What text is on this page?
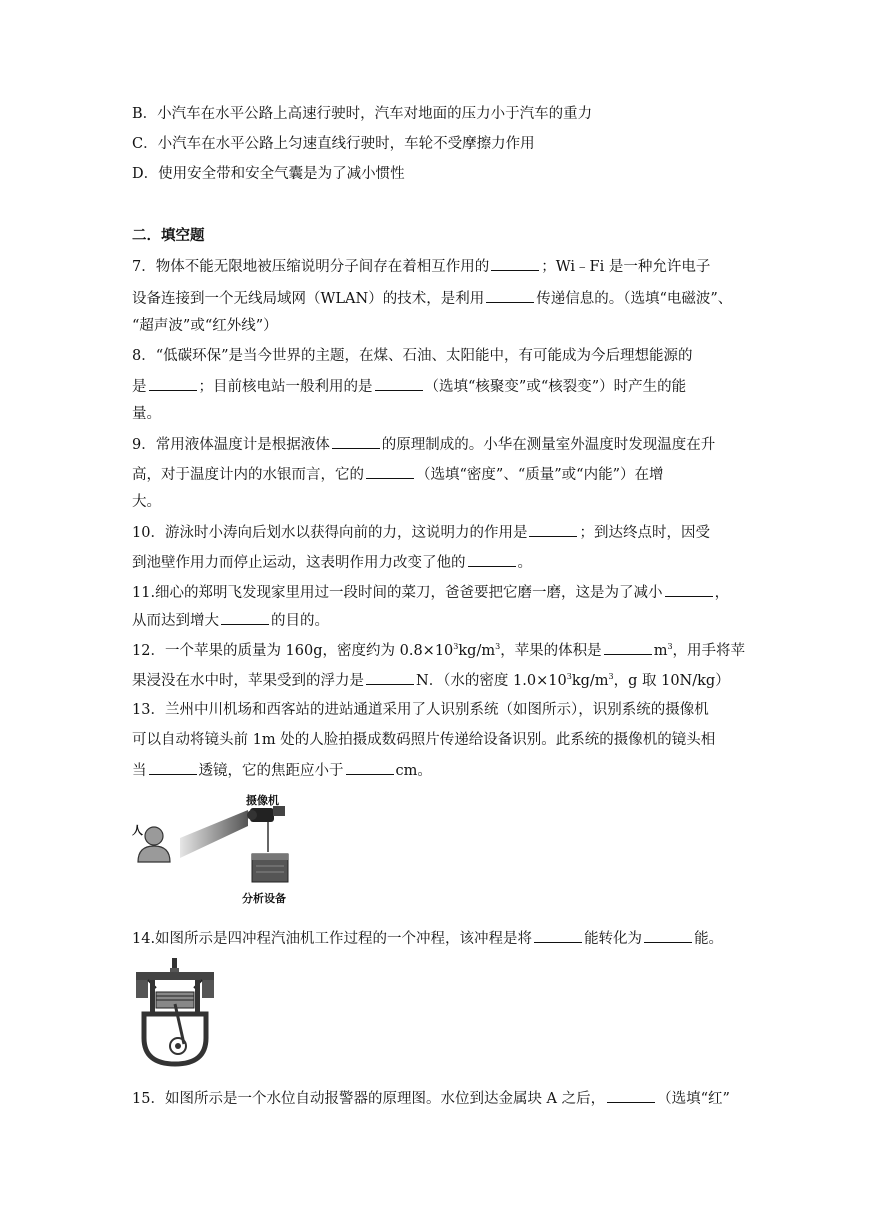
B．小汽车在水平公路上高速行驶时，汽车对地面的压力小于汽车的重力
C．小汽车在水平公路上匀速直线行驶时，车轮不受摩擦力作用
D．使用安全带和安全气囊是为了减小惯性
二．填空题
7．物体不能无限地被压缩说明分子间存在着相互作用的	；Wi﹣Fi 是一种允许电子
设备连接到一个无线局域网（WLAN）的技术，是利用	传递信息的。（选填“电磁波”、
“超声波”或“红外线”）
8．“低碳环保”是当今世界的主题，在煤、石油、太阳能中，有可能成为今后理想能源的
是	；目前核电站一般利用的是	（选填“核聚变”或“核裂变”）时产生的能
量。
9．常用液体温度计是根据液体	的原理制成的。小华在测量室外温度时发现温度在升
高，对于温度计内的水银而言，它的	（选填“密度”、“质量”或“内能”）在增
大。
10．游泳时小涛向后划水以获得向前的力，这说明力的作用是	；到达终点时，因受
到池壁作用力而停止运动，这表明作用力改变了他的	。
11.细心的郑明飞发现家里用过一段时间的菜刀，爸爸要把它磨一磨，这是为了减小	，
从而达到增大	的目的。
12．一个苹果的质量为 160g，密度约为 $0.8\times 10^3kg/m^3$，苹果的体积是	$m^3$，用手将苹
果浸没在水中时，苹果受到的浮力是	N．（水的密度 $1.0\times 10^3kg/m^3$，g 取 10N/kg）
13．兰州中川机场和西客站的进站通道采用了人识别系统（如图所示），识别系统的摄像机
可以自动将镜头前 1m 处的人脸拍摄成数码照片传递给设备识别。此系统的摄像机的镜头相
当	透镜，它的焦距应小于	cm。
摄像机
人
分析设备
14.如图所示是四冲程汽油机工作过程的一个冲程，该冲程是将	能转化为	能。
15．如图所示是一个水位自动报警器的原理图。水位到达金属块 A 之后，	（选填“红”
